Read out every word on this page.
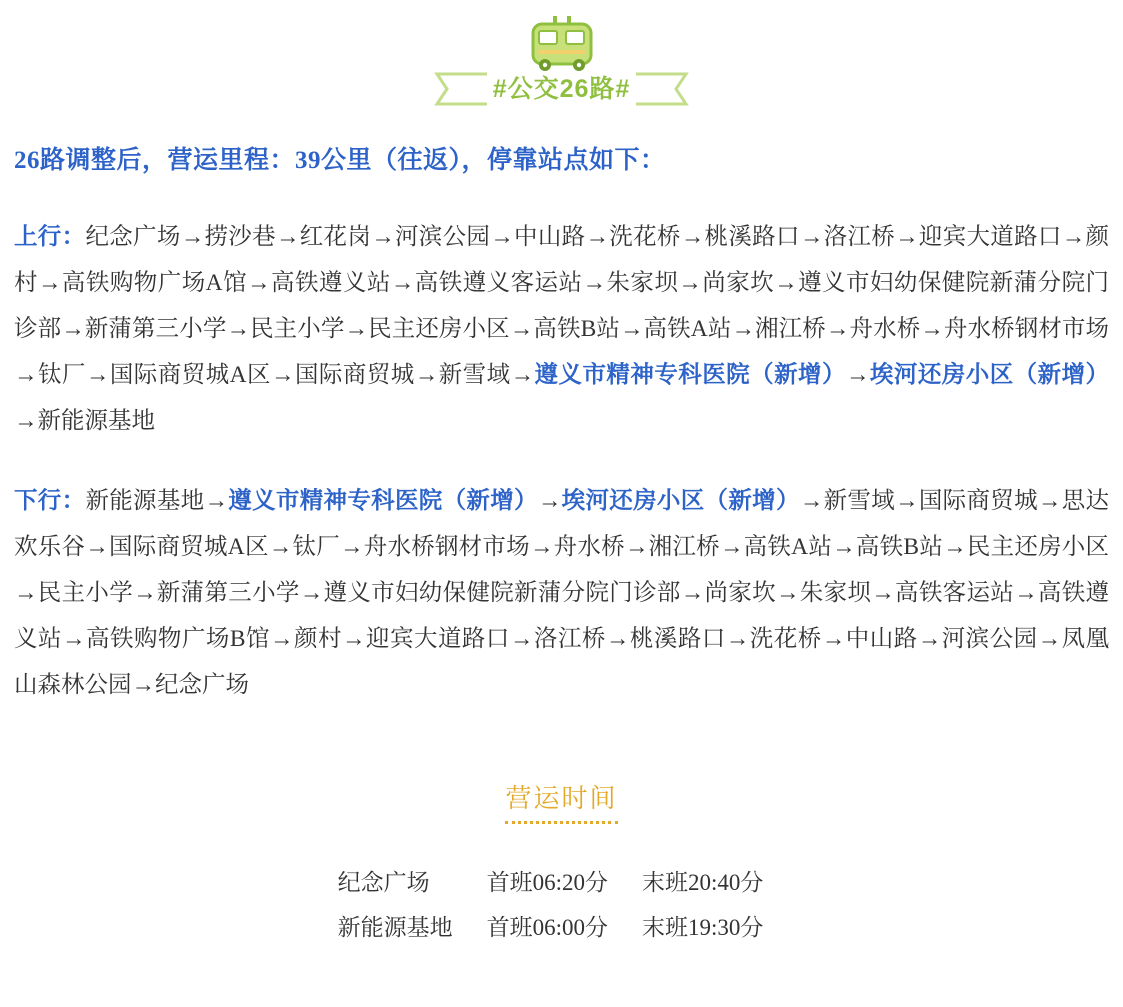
#公交26路#

26路调整后，营运里程：39公里（往返），停靠站点如下：

上行：纪念广场→捞沙巷→红花岗→河滨公园→中山路→洗花桥→桃溪路口→洛江桥→迎宾大道路口→颜村→高铁购物广场A馆→高铁遵义站→高铁遵义客运站→朱家坝→尚家坎→遵义市妇幼保健院新蒲分院门诊部→新蒲第三小学→民主小学→民主还房小区→高铁B站→高铁A站→湘江桥→舟水桥→舟水桥钢材市场→钛厂→国际商贸城A区→国际商贸城→新雪域→遵义市精神专科医院（新增）→埃河还房小区（新增）→新能源基地

下行：新能源基地→遵义市精神专科医院（新增）→埃河还房小区（新增）→新雪域→国际商贸城→思达欢乐谷→国际商贸城A区→钛厂→舟水桥钢材市场→舟水桥→湘江桥→高铁A站→高铁B站→民主还房小区→民主小学→新蒲第三小学→遵义市妇幼保健院新蒲分院门诊部→尚家坎→朱家坝→高铁客运站→高铁遵义站→高铁购物广场B馆→颜村→迎宾大道路口→洛江桥→桃溪路口→洗花桥→中山路→河滨公园→凤凰山森林公园→纪念广场

营运时间
纪念广场	首班06:20分	末班20:40分
新能源基地	首班06:00分	末班19:30分
